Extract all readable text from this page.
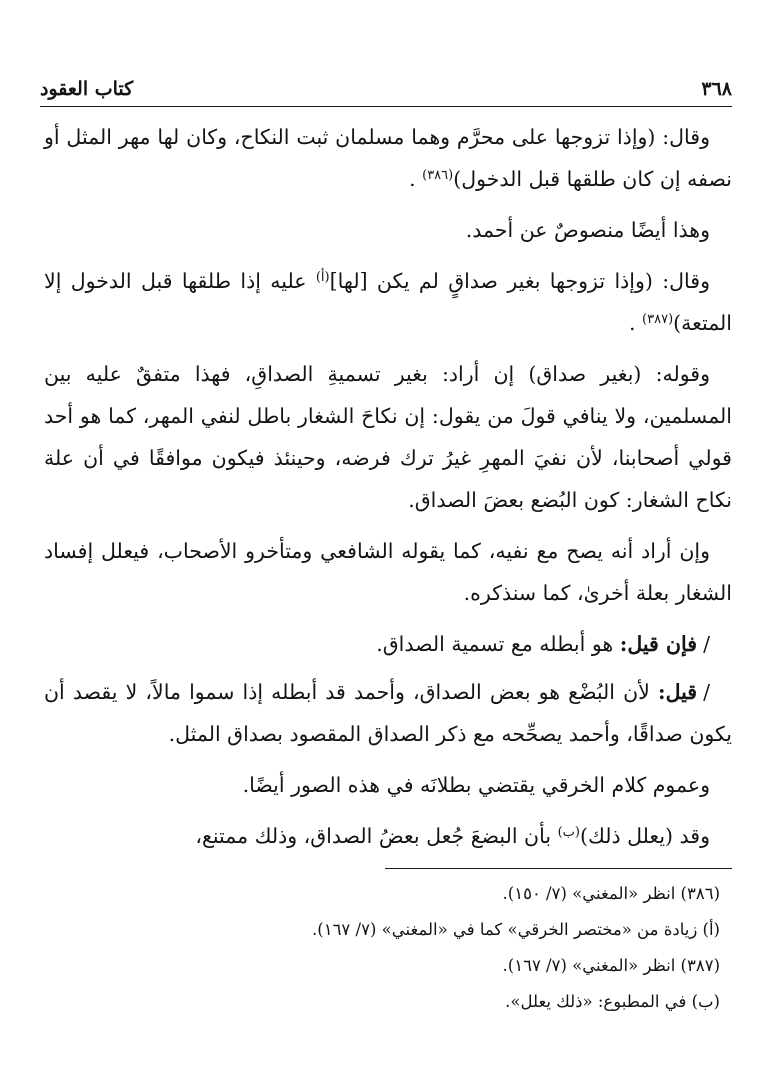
٣٦٨
كتاب العقود

وقال: (وإذا تزوجها على محرَّم وهما مسلمان ثبت النكاح، وكان لها مهر المثل أو نصفه إن كان طلقها قبل الدخول)$^{(٣٨٦)}$ .

وهذا أيضًا منصوصٌ عن أحمد.

وقال: (وإذا تزوجها بغير صداقٍ لم يكن [لها]$^{(أ)}$ عليه إذا طلقها قبل الدخول إلا المتعة)$^{(٣٨٧)}$ .

وقوله: (بغير صداق) إن أراد: بغير تسميةِ الصداقِ، فهذا متفقٌ عليه بين المسلمين، ولا ينافي قولَ من يقول: إن نكاحَ الشغار باطل لنفي المهر، كما هو أحد قولي أصحابنا، لأن نفيَ المهرِ غيرُ ترك فرضه، وحينئذ فيكون موافقًا في أن علة نكاح الشغار: كون البُضع بعضَ الصداق.

وإن أراد أنه يصح مع نفيه، كما يقوله الشافعي ومتأخرو الأصحاب، فيعلل إفساد الشغار بعلة أخرىٰ، كما سنذكره.

/فإن قيل: هو أبطله مع تسمية الصداق.

/قيل: لأن البُضْع هو بعض الصداق، وأحمد قد أبطله إذا سموا مالاً، لا يقصد أن يكون صداقًا، وأحمد يصحِّحه مع ذكر الصداق المقصود بصداق المثل.

وعموم كلام الخرقي يقتضي بطلانَه في هذه الصور أيضًا.

وقد (يعلل ذلك)$^{(ب)}$ بأن البضعَ جُعل بعضُ الصداق، وذلك ممتنع،

(٣٨٦) انظر «المغني» (٧/ ١٥٠).

(أ) زيادة من «مختصر الخرقي» كما في «المغني» (٧/ ١٦٧).

(٣٨٧) انظر «المغني» (٧/ ١٦٧).

(ب) في المطبوع: «ذلك يعلل».
